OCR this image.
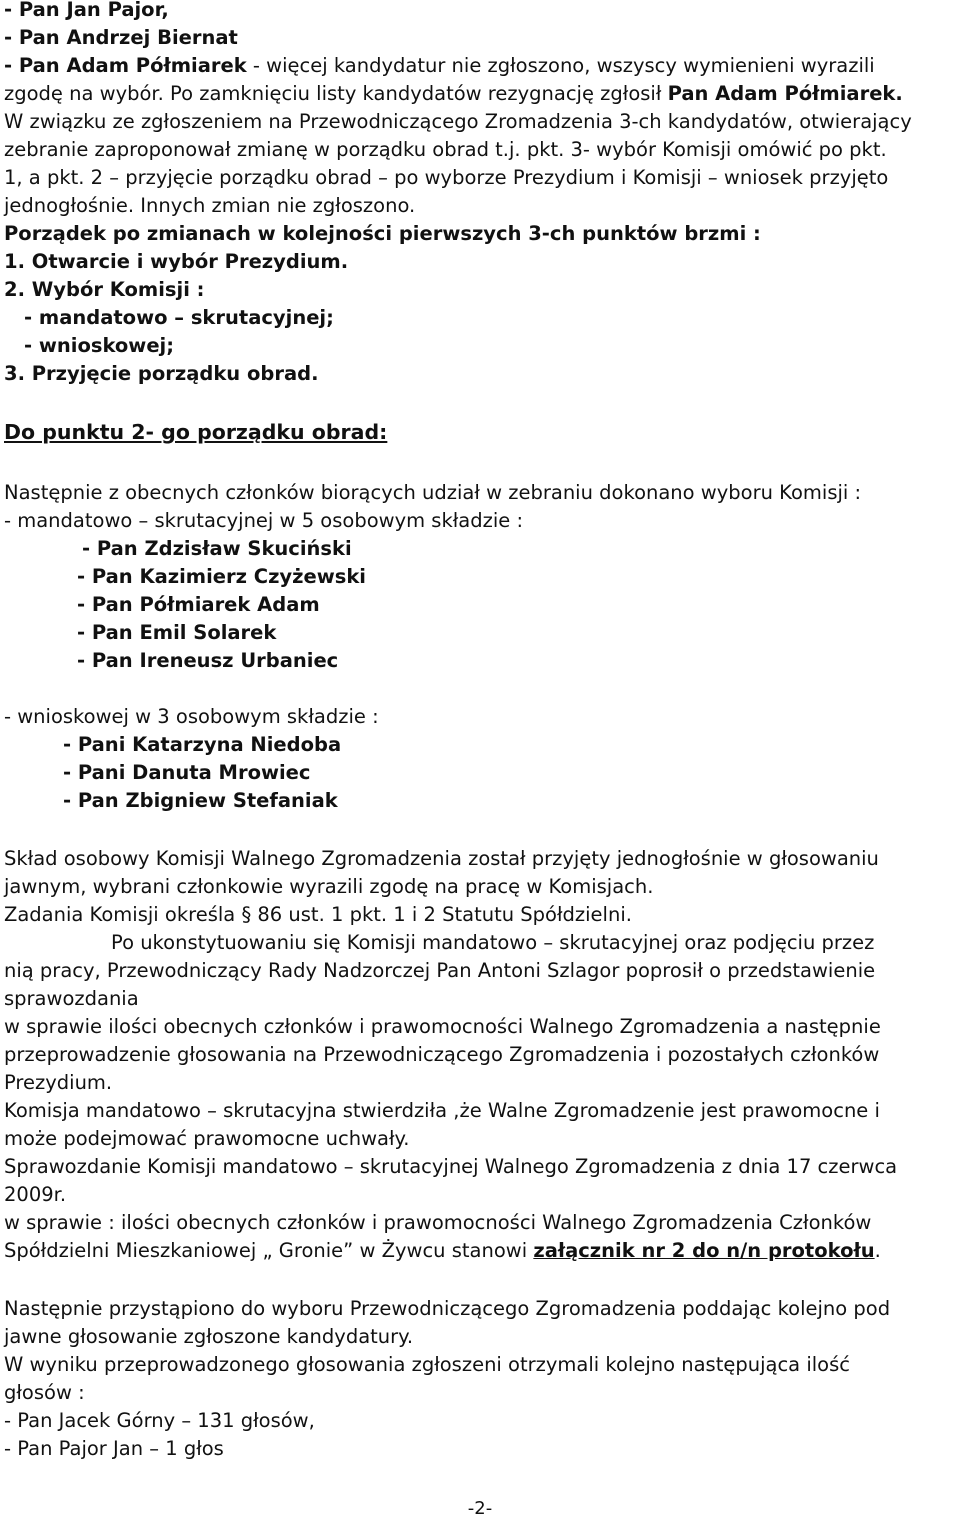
- Pan Jan Pajor,
- Pan Andrzej Biernat
- Pan Adam Półmiarek - więcej kandydatur nie zgłoszono, wszyscy wymienieni wyrazili
zgodę na wybór. Po zamknięciu listy kandydatów rezygnację zgłosił Pan Adam Półmiarek.
W związku ze zgłoszeniem na Przewodniczącego Zromadzenia 3-ch kandydatów, otwierający
zebranie zaproponował zmianę w porządku obrad t.j. pkt. 3- wybór Komisji omówić po pkt.
1, a pkt. 2 – przyjęcie porządku obrad – po wyborze Prezydium i Komisji – wniosek przyjęto
jednogłośnie. Innych zmian nie zgłoszono.
Porządek po zmianach w kolejności pierwszych 3-ch punktów brzmi :
1. Otwarcie i wybór Prezydium.
2. Wybór Komisji :
- mandatowo – skrutacyjnej;
- wnioskowej;
3. Przyjęcie porządku obrad.
Do punktu 2- go porządku obrad:
Następnie z obecnych członków biorących udział w zebraniu dokonano wyboru Komisji :
- mandatowo – skrutacyjnej w 5 osobowym składzie :
- Pan Zdzisław Skuciński
- Pan Kazimierz Czyżewski
- Pan Półmiarek Adam
- Pan Emil Solarek
- Pan Ireneusz Urbaniec
- wnioskowej w 3 osobowym składzie :
- Pani Katarzyna Niedoba
- Pani Danuta Mrowiec
- Pan Zbigniew Stefaniak
Skład osobowy Komisji Walnego Zgromadzenia został przyjęty jednogłośnie w głosowaniu
jawnym, wybrani członkowie wyrazili zgodę na pracę w Komisjach.
Zadania Komisji określa § 86 ust. 1 pkt. 1 i 2 Statutu Spółdzielni.
Po ukonstytuowaniu się Komisji mandatowo – skrutacyjnej oraz podjęciu przez
nią pracy, Przewodniczący Rady Nadzorczej Pan Antoni Szlagor poprosił o przedstawienie
sprawozdania
w sprawie ilości obecnych członków i prawomocności Walnego Zgromadzenia a następnie
przeprowadzenie głosowania na Przewodniczącego Zgromadzenia i pozostałych członków
Prezydium.
Komisja mandatowo – skrutacyjna stwierdziła ,że Walne Zgromadzenie jest prawomocne i
może podejmować prawomocne uchwały.
Sprawozdanie Komisji mandatowo – skrutacyjnej Walnego Zgromadzenia z dnia 17 czerwca
2009r.
w sprawie : ilości obecnych członków i prawomocności Walnego Zgromadzenia Członków
Spółdzielni Mieszkaniowej „ Gronie” w Żywcu stanowi załącznik nr 2 do n/n protokołu.
Następnie przystąpiono do wyboru Przewodniczącego Zgromadzenia poddając kolejno pod
jawne głosowanie zgłoszone kandydatury.
W wyniku przeprowadzonego głosowania zgłoszeni otrzymali kolejno następująca ilość
głosów :
- Pan Jacek Górny – 131 głosów,
- Pan Pajor Jan – 1 głos
-2-
